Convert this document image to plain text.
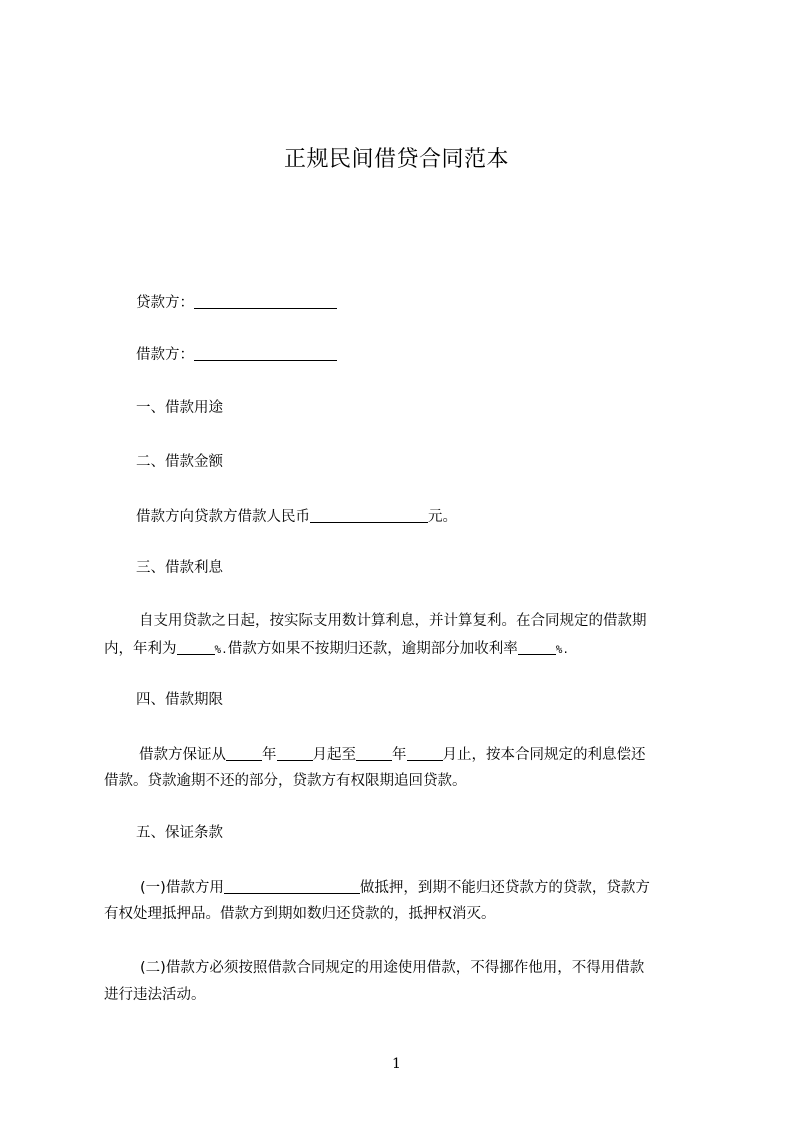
正规民间借贷合同范本
贷款方：
借款方：
一、借款用途
二、借款金额
借款方向贷款方借款人民币	元。
三、借款利息
自支用贷款之日起，按实际支用数计算利息，并计算复利。在合同规定的借款期
内，年利为	%.借款方如果不按期归还款，逾期部分加收利率	%.
四、借款期限
借款方保证从 年 月起至 年 月止，按本合同规定的利息偿还
借款。贷款逾期不还的部分，贷款方有权限期追回贷款。
五、保证条款
(一)借款方用	做抵押，到期不能归还贷款方的贷款，贷款方
有权处理抵押品。借款方到期如数归还贷款的，抵押权消灭。
(二)借款方必须按照借款合同规定的用途使用借款，不得挪作他用，不得用借款
进行违法活动。
1
